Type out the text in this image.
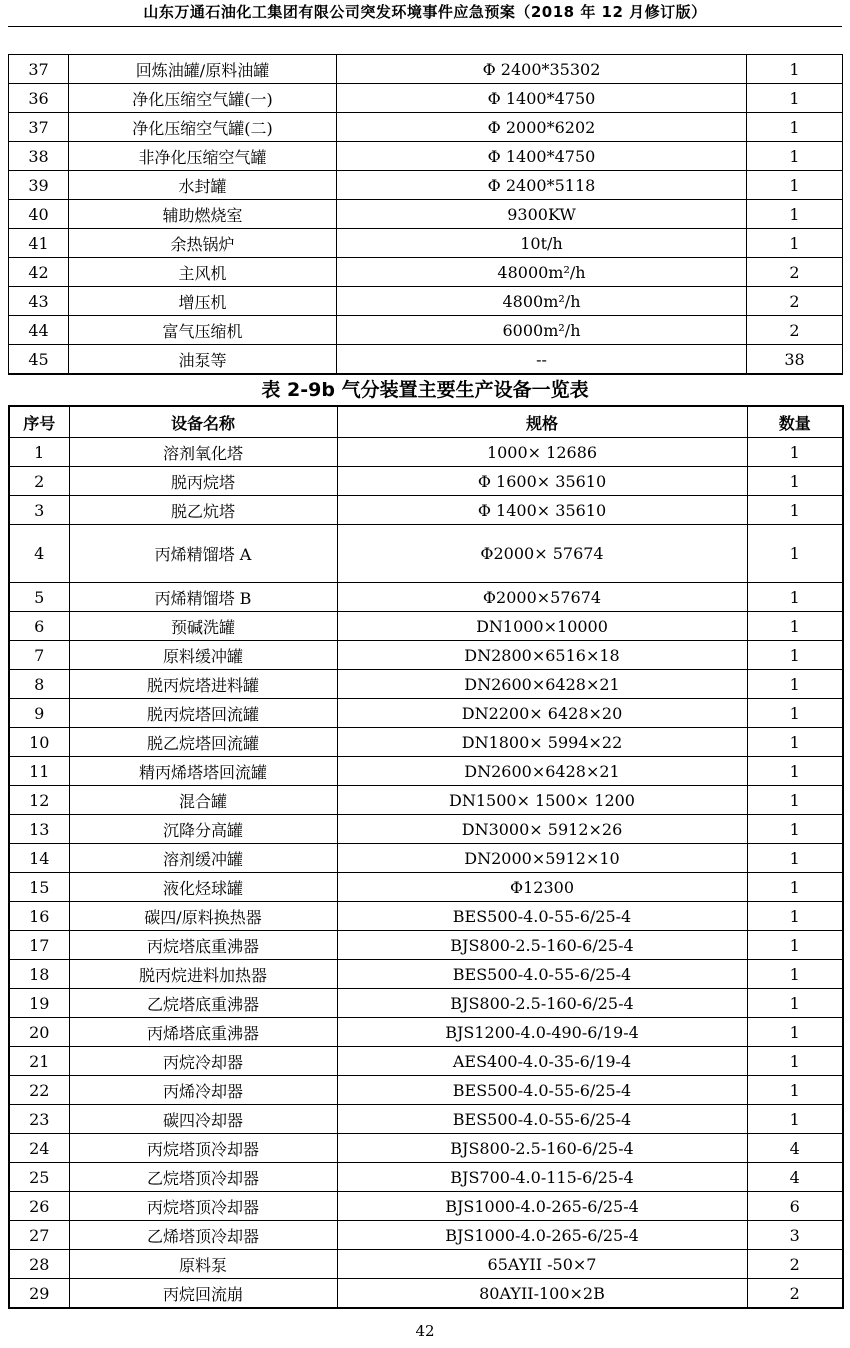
山东万通石油化工集团有限公司突发环境事件应急预案（2018 年 12 月修订版）
37	回炼油罐/原料油罐	Φ 2400*35302	1
36	净化压缩空气罐(一)	Φ 1400*4750	1
37	净化压缩空气罐(二)	Φ 2000*6202	1
38	非净化压缩空气罐	Φ 1400*4750	1
39	水封罐	Φ 2400*5118	1
40	辅助燃烧室	9300KW	1
41	余热锅炉	10t/h	1
42	主风机	48000m²/h	2
43	增压机	4800m²/h	2
44	富气压缩机	6000m²/h	2
45	油泵等	--	38
表 2-9b 气分装置主要生产设备一览表
序号	设备名称	规格	数量
1	溶剂氧化塔	1000× 12686	1
2	脱丙烷塔	Φ 1600× 35610	1
3	脱乙炕塔	Φ 1400× 35610	1
4	丙烯精馏塔 A	Φ2000× 57674	1
5	丙烯精馏塔 B	Φ2000×57674	1
6	预碱洗罐	DN1000×10000	1
7	原料缓冲罐	DN2800×6516×18	1
8	脱丙烷塔进料罐	DN2600×6428×21	1
9	脱丙烷塔回流罐	DN2200× 6428×20	1
10	脱乙烷塔回流罐	DN1800× 5994×22	1
11	精丙烯塔塔回流罐	DN2600×6428×21	1
12	混合罐	DN1500× 1500× 1200	1
13	沉降分高罐	DN3000× 5912×26	1
14	溶剂缓冲罐	DN2000×5912×10	1
15	液化烃球罐	Φ12300	1
16	碳四/原料换热器	BES500-4.0-55-6/25-4	1
17	丙烷塔底重沸器	BJS800-2.5-160-6/25-4	1
18	脱丙烷进料加热器	BES500-4.0-55-6/25-4	1
19	乙烷塔底重沸器	BJS800-2.5-160-6/25-4	1
20	丙烯塔底重沸器	BJS1200-4.0-490-6/19-4	1
21	丙烷冷却器	AES400-4.0-35-6/19-4	1
22	丙烯冷却器	BES500-4.0-55-6/25-4	1
23	碳四冷却器	BES500-4.0-55-6/25-4	1
24	丙烷塔顶冷却器	BJS800-2.5-160-6/25-4	4
25	乙烷塔顶冷却器	BJS700-4.0-115-6/25-4	4
26	丙烷塔顶冷却器	BJS1000-4.0-265-6/25-4	6
27	乙烯塔顶冷却器	BJS1000-4.0-265-6/25-4	3
28	原料泵	65AYII -50×7	2
29	丙烷回流崩	80AYII-100×2B	2
42
